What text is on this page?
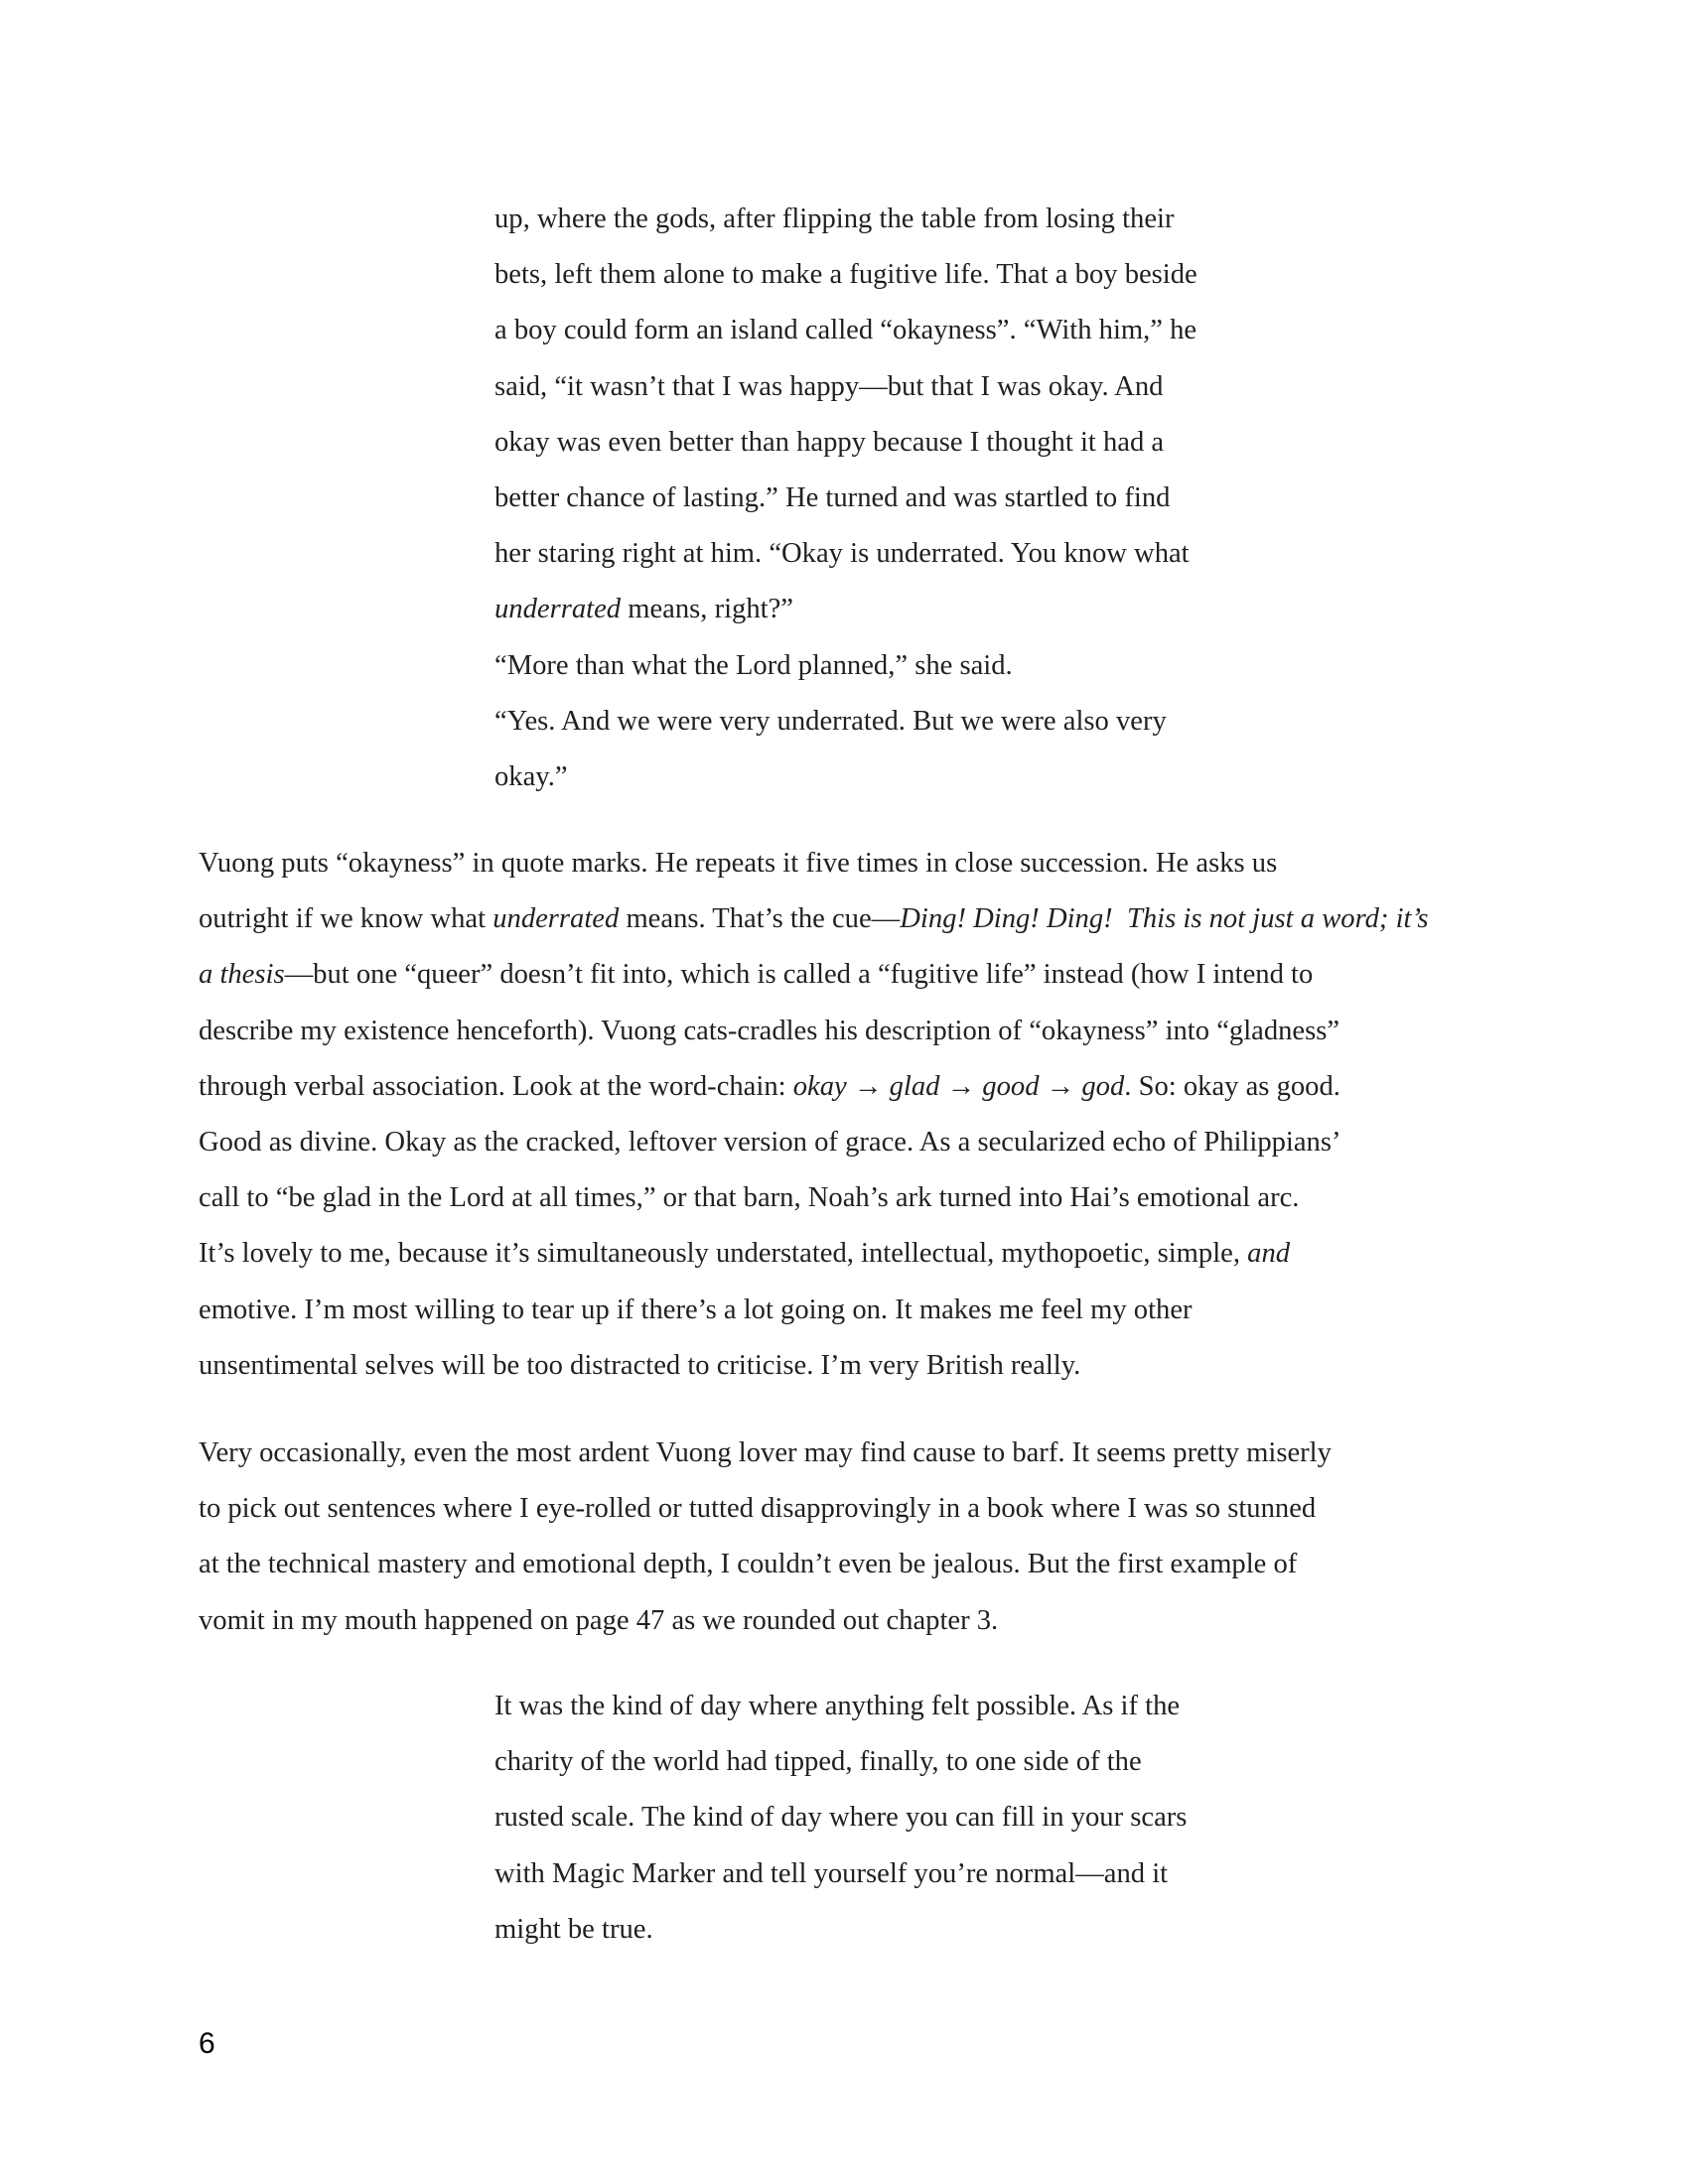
up, where the gods, after flipping the table from losing their
bets, left them alone to make a fugitive life. That a boy beside
a boy could form an island called “okayness”. “With him,” he
said, “it wasn’t that I was happy—but that I was okay. And
okay was even better than happy because I thought it had a
better chance of lasting.” He turned and was startled to find
her staring right at him. “Okay is underrated. You know what
underrated means, right?”
“More than what the Lord planned,” she said.
“Yes. And we were very underrated. But we were also very
okay.”
Vuong puts “okayness” in quote marks. He repeats it five times in close succession. He asks us
outright if we know what underrated means. That’s the cue—Ding! Ding! Ding!  This is not just a word; it’s
a thesis—but one “queer” doesn’t fit into, which is called a “fugitive life” instead (how I intend to
describe my existence henceforth). Vuong cats-cradles his description of “okayness” into “gladness”
through verbal association. Look at the word-chain: okay → glad → good → god. So: okay as good.
Good as divine. Okay as the cracked, leftover version of grace. As a secularized echo of Philippians’
call to “be glad in the Lord at all times,” or that barn, Noah’s ark turned into Hai’s emotional arc.
It’s lovely to me, because it’s simultaneously understated, intellectual, mythopoetic, simple, and
emotive. I’m most willing to tear up if there’s a lot going on. It makes me feel my other
unsentimental selves will be too distracted to criticise. I’m very British really.
Very occasionally, even the most ardent Vuong lover may find cause to barf. It seems pretty miserly
to pick out sentences where I eye-rolled or tutted disapprovingly in a book where I was so stunned
at the technical mastery and emotional depth, I couldn’t even be jealous. But the first example of
vomit in my mouth happened on page 47 as we rounded out chapter 3.
It was the kind of day where anything felt possible. As if the
charity of the world had tipped, finally, to one side of the
rusted scale. The kind of day where you can fill in your scars
with Magic Marker and tell yourself you’re normal—and it
might be true.
6
